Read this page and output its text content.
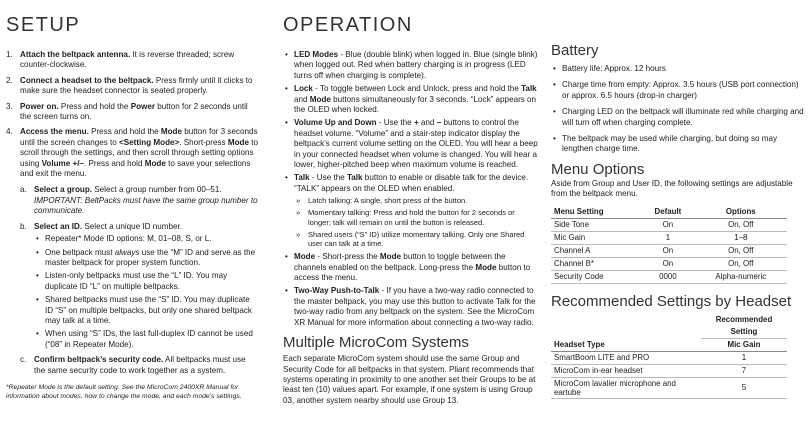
SETUP
1. Attach the beltpack antenna. It is reverse threaded; screw counter-clockwise.
2. Connect a headset to the beltpack. Press firmly until it clicks to make sure the headset connector is seated properly.
3. Power on. Press and hold the Power button for 2 seconds until the screen turns on.
4. Access the menu. Press and hold the Mode button for 3 seconds until the screen changes to <Setting Mode>. Short-press Mode to scroll through the settings, and then scroll through setting options using Volume +/–. Press and hold Mode to save your selections and exit the menu.
a. Select a group. Select a group number from 00–51. IMPORTANT: BeltPacks must have the same group number to communicate.
b. Select an ID. Select a unique ID number.
• Repeater* Mode ID options: M, 01–08, S, or L.
• One beltpack must always use the “M” ID and serve as the master beltpack for proper system function.
• Listen-only beltpacks must use the “L” ID. You may duplicate ID “L” on multiple beltpacks.
• Shared beltpacks must use the “S” ID. You may duplicate ID “S” on multiple beltpacks, but only one shared beltpack may talk at a time.
• When using “S” IDs, the last full-duplex ID cannot be used (“08” in Repeater Mode).
c. Confirm beltpack’s security code. All beltpacks must use the same security code to work together as a system.

*Repeater Mode is the default setting. See the MicroCom 2400XR Manual for information about modes, how to change the mode, and each mode’s settings.

OPERATION
• LED Modes - Blue (double blink) when logged in. Blue (single blink) when logged out. Red when battery charging is in progress (LED turns off when charging is complete).
• Lock - To toggle between Lock and Unlock, press and hold the Talk and Mode buttons simultaneously for 3 seconds. “Lock” appears on the OLED when locked.
• Volume Up and Down - Use the + and – buttons to control the headset volume. “Volume” and a stair-step indicator display the beltpack’s current volume setting on the OLED. You will hear a beep in your connected headset when volume is changed. You will hear a lower, higher-pitched beep when maximum volume is reached.
• Talk - Use the Talk button to enable or disable talk for the device. “TALK” appears on the OLED when enabled.
» Latch talking: A single, short press of the button.
» Momentary talking: Press and hold the button for 2 seconds or longer; talk will remain on until the button is released.
» Shared users (“S” ID) utilize momentary talking. Only one Shared user can talk at a time.
• Mode - Short-press the Mode button to toggle between the channels enabled on the beltpack. Long-press the Mode button to access the menu.
• Two-Way Push-to-Talk - If you have a two-way radio connected to the master beltpack, you may use this button to activate Talk for the two-way radio from any beltpack on the system. See the MicroCom XR Manual for more information about connecting a two-way radio.
Multiple MicroCom Systems

Each separate MicroCom system should use the same Group and Security Code for all beltpacks in that system. Pliant recommends that systems operating in proximity to one another set their Groups to be at least ten (10) values apart. For example, if one system is using Group 03, another system nearby should use Group 13.

Battery
• Battery life: Approx. 12 hours
• Charge time from empty: Approx. 3.5 hours (USB port connection) or approx. 6.5 hours (drop-in charger)
• Charging LED on the beltpack will illuminate red while charging and will turn off when charging complete.
• The beltpack may be used while charging, but doing so may lengthen charge time.
Menu Options

Aside from Group and User ID, the following settings are adjustable from the beltpack menu.

Menu Setting	Default	Options
Side Tone	On	On, Off
Mic Gain	1	1–8
Channel A	On	On, Off
Channel B*	On	On, Off
Security Code	0000	Alpha-numeric
Recommended Settings by Headset
Headset Type	Recommended Setting
	Mic Gain
SmartBoom LITE and PRO	1
MicroCom in-ear headset	7
MicroCom lavalier microphone and eartube	5
